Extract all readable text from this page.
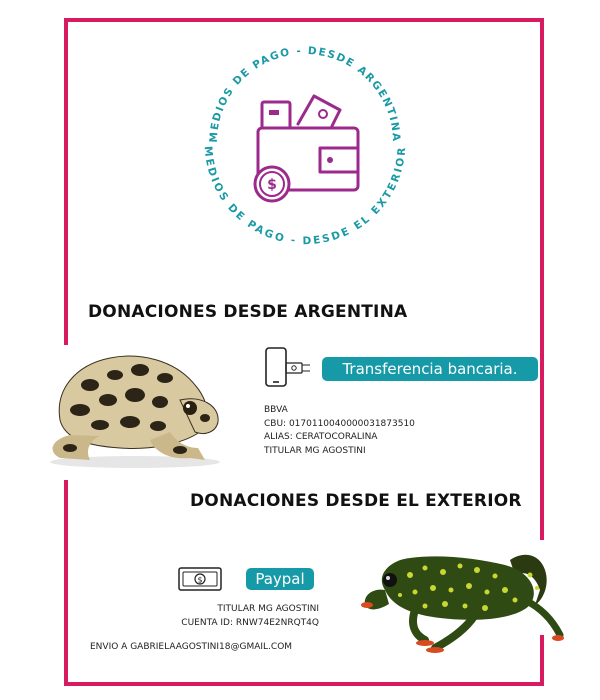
MEDIOS DE PAGO - DESDE ARGENTINA
MEDIOS DE PAGO - DESDE EL EXTERIOR
$
DONACIONES DESDE ARGENTINA
Transferencia bancaria.
BBVA
CBU: 0170110040000031873510
ALIAS: CERATOCORALINA
TITULAR MG AGOSTINI
DONACIONES DESDE EL EXTERIOR
$	Paypal
TITULAR MG AGOSTINI
CUENTA ID: RNW74E2NRQT4Q
ENVIO A GABRIELAAGOSTINI18@GMAIL.COM
